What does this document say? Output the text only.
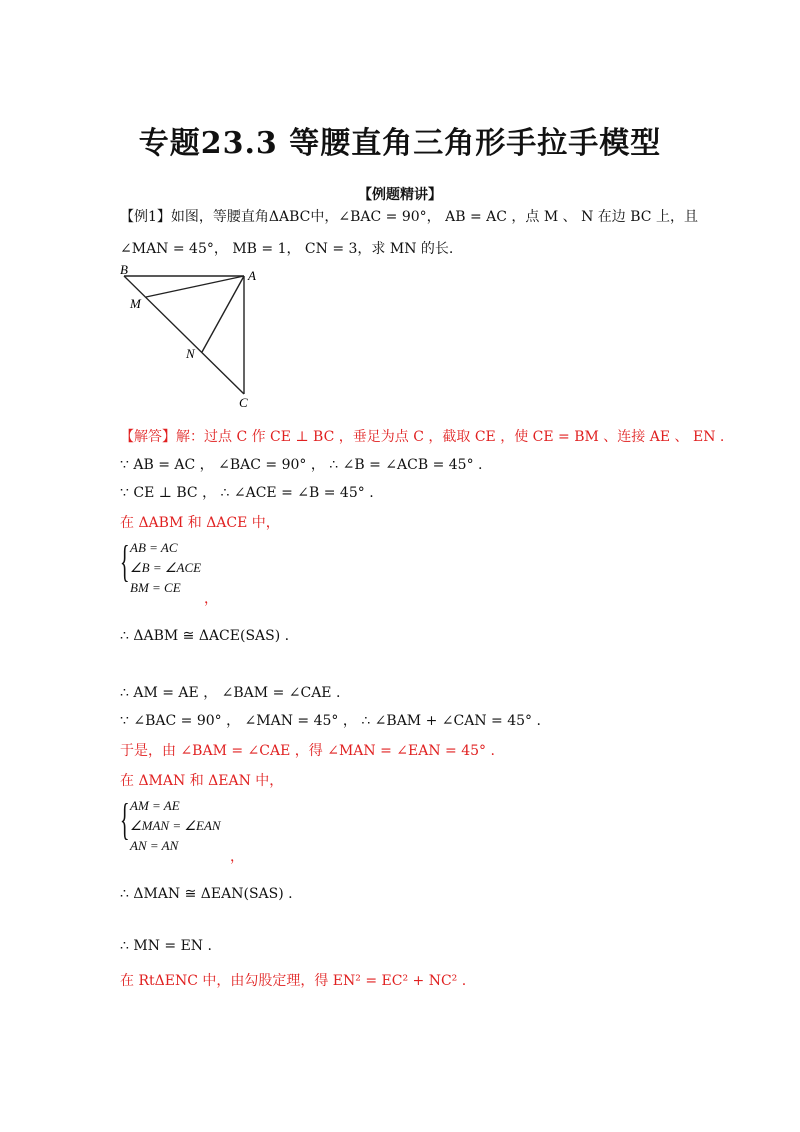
专题23.3 等腰直角三角形手拉手模型
【例题精讲】
【例1】如图，等腰直角ΔABC中，∠BAC = 90°， AB = AC ，点 M 、 N 在边 BC 上，且
∠MAN = 45°， MB = 1， CN = 3，求 MN 的长.
B	A
M
N
C
【解答】解：过点 C 作 CE ⊥ BC ，垂足为点 C ，截取 CE ，使 CE = BM 、连接 AE 、 EN .
∵ AB = AC ， ∠BAC = 90° ， ∴ ∠B = ∠ACB = 45° .
∵ CE ⊥ BC ， ∴ ∠ACE = ∠B = 45° .
在 ΔABM 和 ΔACE 中，
{ AB = AC
∠B = ∠ACE
BM = CE
，
∴ ΔABM ≅ ΔACE(SAS) .
∴ AM = AE ， ∠BAM = ∠CAE .
∵ ∠BAC = 90° ， ∠MAN = 45° ， ∴ ∠BAM + ∠CAN = 45° .
于是，由 ∠BAM = ∠CAE ，得 ∠MAN = ∠EAN = 45° .
在 ΔMAN 和 ΔEAN 中，
{ AM = AE
∠MAN = ∠EAN
AN = AN
，
∴ ΔMAN ≅ ΔEAN(SAS) .
∴ MN = EN .
在 RtΔENC 中，由勾股定理，得 EN² = EC² + NC² .
